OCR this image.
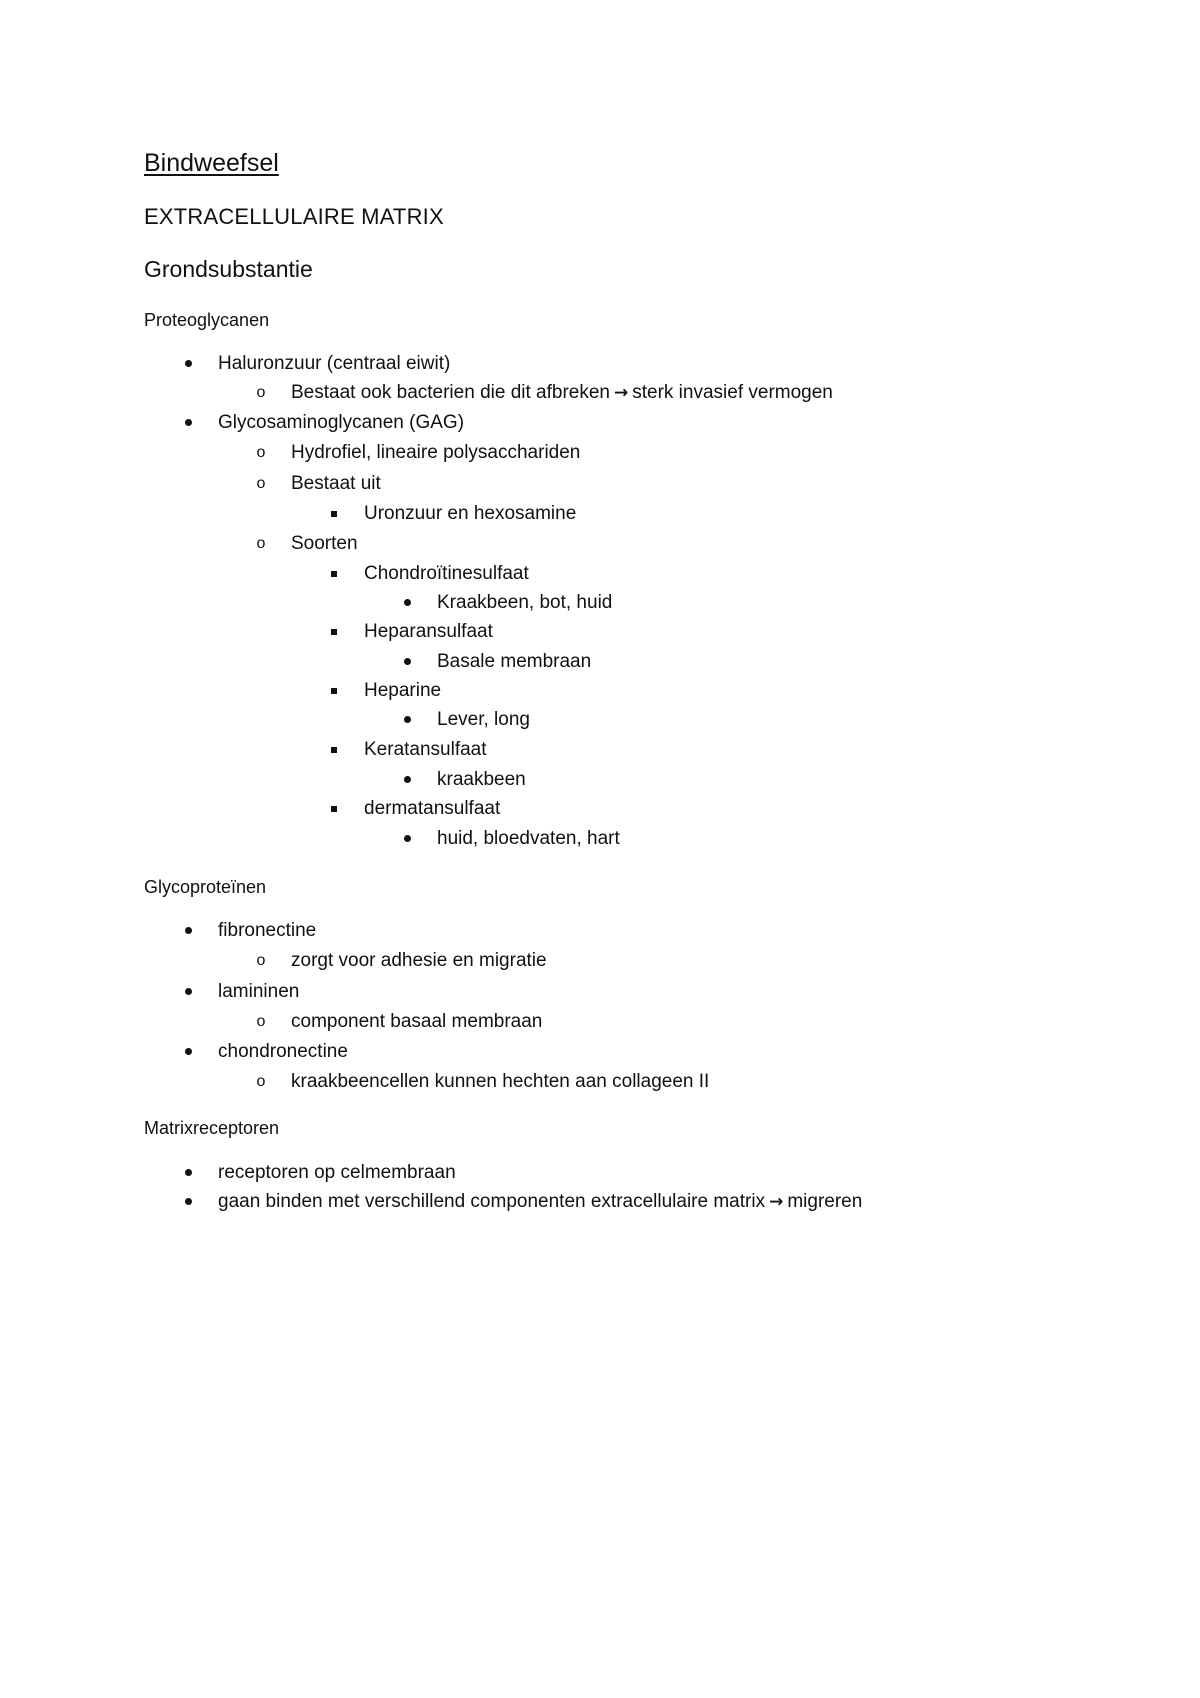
Bindweefsel
EXTRACELLULAIRE MATRIX
Grondsubstantie
Proteoglycanen
Haluronzuur (centraal eiwit)
o Bestaat ook bacterien die dit afbreken → sterk invasief vermogen
Glycosaminoglycanen (GAG)
o Hydrofiel, lineaire polysacchariden
o Bestaat uit
Uronzuur en hexosamine
o Soorten
Chondroïtinesulfaat
Kraakbeen, bot, huid
Heparansulfaat
Basale membraan
Heparine
Lever, long
Keratansulfaat
kraakbeen
dermatansulfaat
huid, bloedvaten, hart
Glycoproteïnen
fibronectine
o zorgt voor adhesie en migratie
lamininen
o component basaal membraan
chondronectine
o kraakbeencellen kunnen hechten aan collageen II
Matrixreceptoren
receptoren op celmembraan
gaan binden met verschillend componenten extracellulaire matrix → migreren
